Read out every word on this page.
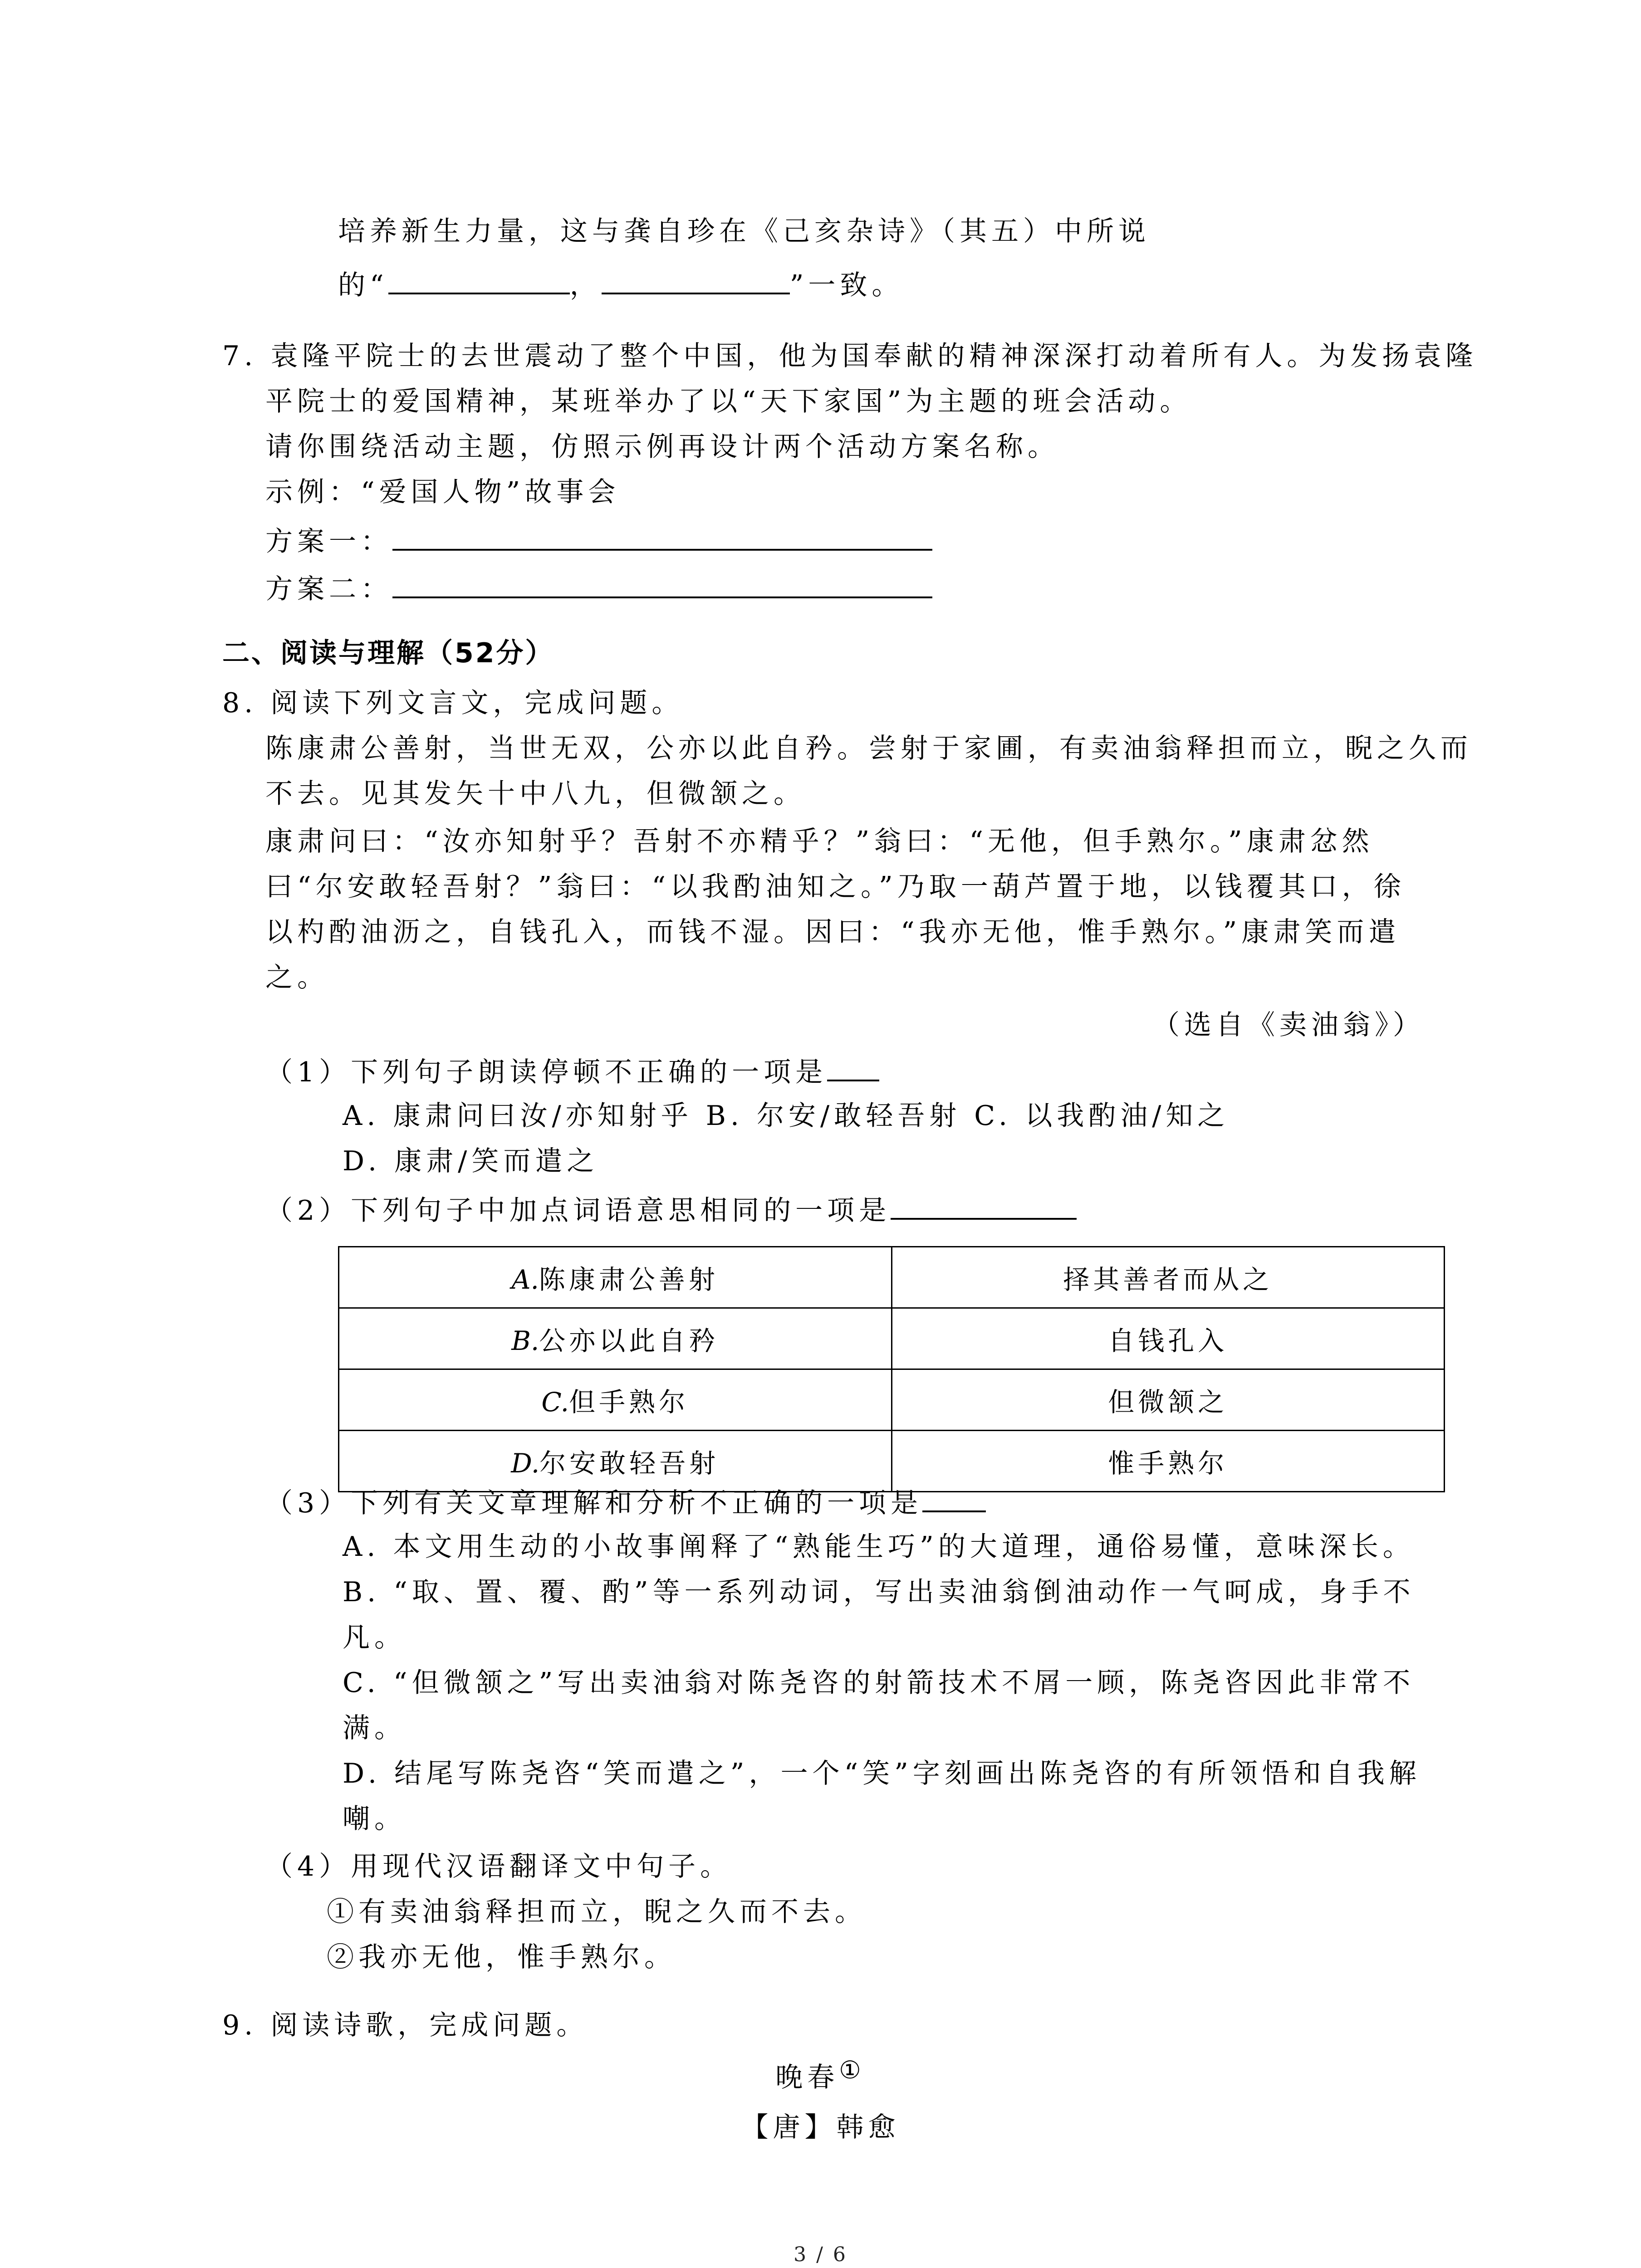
培养新生力量，这与龚自珍在《己亥杂诗》（其五）中所说
的“	，	”一致。
7. 袁隆平院士的去世震动了整个中国，他为国奉献的精神深深打动着所有人。为发扬袁隆
平院士的爱国精神，某班举办了以“天下家国”为主题的班会活动。
请你围绕活动主题，仿照示例再设计两个活动方案名称。
示例：“爱国人物”故事会
方案一：
方案二：
二、阅读与理解（52分）
8. 阅读下列文言文，完成问题。
陈康肃公善射，当世无双，公亦以此自矜。尝射于家圃，有卖油翁释担而立，睨之久而
不去。见其发矢十中八九，但微颔之。
康肃问曰：“汝亦知射乎？吾射不亦精乎？”翁曰：“无他，但手熟尔。”康肃忿然
曰“尔安敢轻吾射？”翁曰：“以我酌油知之。”乃取一葫芦置于地，以钱覆其口，徐
以杓酌油沥之，自钱孔入，而钱不湿。因曰：“我亦无他，惟手熟尔。”康肃笑而遣
之。
（选自《卖油翁》）
（1）下列句子朗读停顿不正确的一项是
A. 康肃问曰汝/亦知射乎 B. 尔安/敢轻吾射 C. 以我酌油/知之
D. 康肃/笑而遣之
（2）下列句子中加点词语意思相同的一项是
A.陈康肃公善射	择其善者而从之
B.公亦以此自矜	自钱孔入
C.但手熟尔	但微颔之
D.尔安敢轻吾射	惟手熟尔
（3）下列有关文章理解和分析不正确的一项是
A. 本文用生动的小故事阐释了“熟能生巧”的大道理，通俗易懂，意味深长。
B. “取、置、覆、酌”等一系列动词，写出卖油翁倒油动作一气呵成，身手不
凡。
C. “但微颔之”写出卖油翁对陈尧咨的射箭技术不屑一顾，陈尧咨因此非常不
满。
D. 结尾写陈尧咨“笑而遣之”，一个“笑”字刻画出陈尧咨的有所领悟和自我解
嘲。
（4）用现代汉语翻译文中句子。
①有卖油翁释担而立，睨之久而不去。
②我亦无他，惟手熟尔。
9. 阅读诗歌，完成问题。
晚春①
【唐】韩愈
3 / 6
